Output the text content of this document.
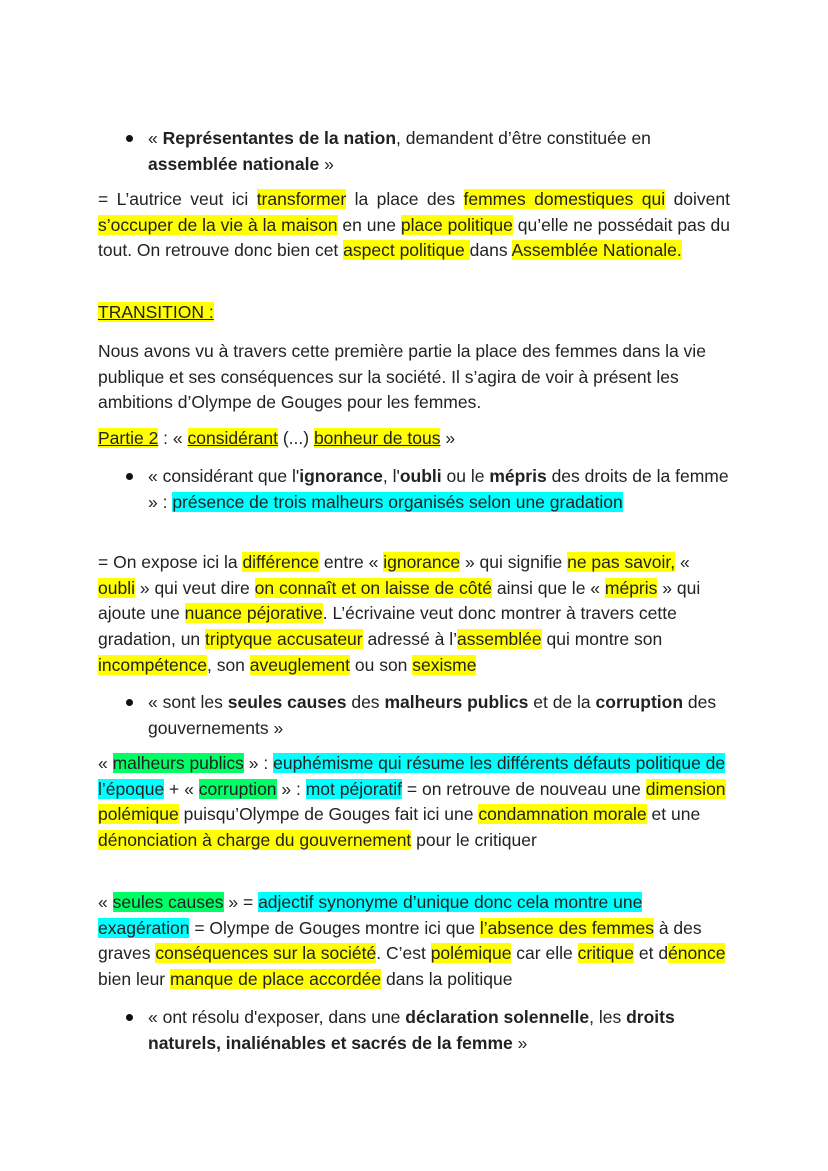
« Représentantes de la nation, demandent d’être constituée en assemblée nationale »

= L’autrice veut ici transformer la place des femmes domestiques qui doivent s’occuper de la vie à la maison en une place politique qu’elle ne possédait pas du tout. On retrouve donc bien cet aspect politique dans Assemblée Nationale.

TRANSITION :

Nous avons vu à travers cette première partie la place des femmes dans la vie publique et ses conséquences sur la société. Il s’agira de voir à présent les ambitions d’Olympe de Gouges pour les femmes.

Partie 2 : « considérant (...) bonheur de tous »

« considérant que l'ignorance, l'oubli ou le mépris des droits de la femme » : présence de trois malheurs organisés selon une gradation

= On expose ici la différence entre « ignorance » qui signifie ne pas savoir, « oubli » qui veut dire on connaît et on laisse de côté ainsi que le « mépris » qui ajoute une nuance péjorative. L’écrivaine veut donc montrer à travers cette gradation, un triptyque accusateur adressé à l’assemblée qui montre son incompétence, son aveuglement ou son sexisme

« sont les seules causes des malheurs publics et de la corruption des gouvernements »

« malheurs publics » : euphémisme qui résume les différents défauts politique de l’époque + « corruption » : mot péjoratif = on retrouve de nouveau une dimension polémique puisqu’Olympe de Gouges fait ici une condamnation morale et une dénonciation à charge du gouvernement pour le critiquer

« seules causes » = adjectif synonyme d’unique donc cela montre une exagération = Olympe de Gouges montre ici que l’absence des femmes à des graves conséquences sur la société. C’est polémique car elle critique et dénonce bien leur manque de place accordée dans la politique

« ont résolu d'exposer, dans une déclaration solennelle, les droits naturels, inaliénables et sacrés de la femme »
